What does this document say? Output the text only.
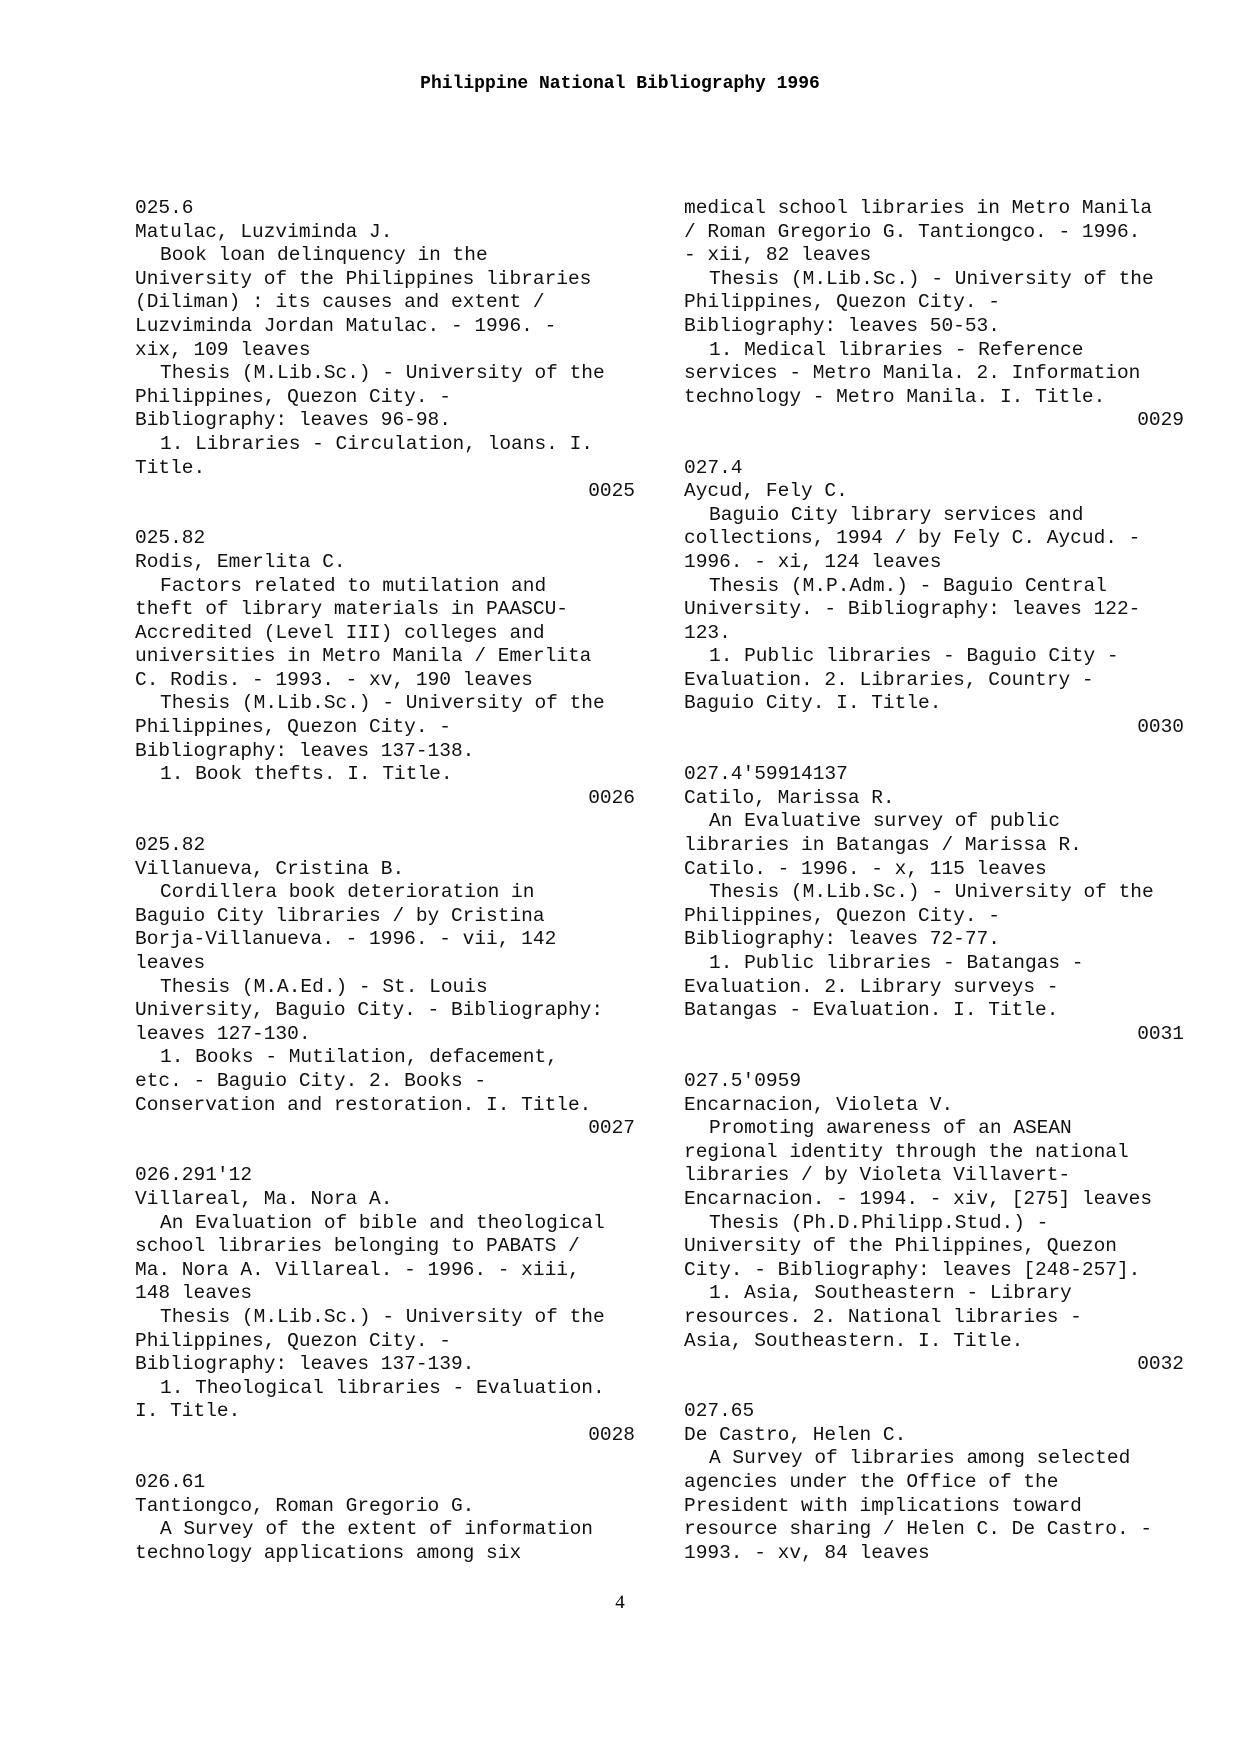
Philippine National Bibliography 1996

025.6

Matulac, Luzviminda J.

Book loan delinquency in the

University of the Philippines libraries

(Diliman) : its causes and extent /

Luzviminda Jordan Matulac. - 1996. -

xix, 109 leaves

Thesis (M.Lib.Sc.) - University of the

Philippines, Quezon City. -

Bibliography: leaves 96-98.

1. Libraries - Circulation, loans. I.

Title.

0025

025.82

Rodis, Emerlita C.

Factors related to mutilation and

theft of library materials in PAASCU-

Accredited (Level III) colleges and

universities in Metro Manila / Emerlita

C. Rodis. - 1993. - xv, 190 leaves

Thesis (M.Lib.Sc.) - University of the

Philippines, Quezon City. -

Bibliography: leaves 137-138.

1. Book thefts. I. Title.

0026

025.82

Villanueva, Cristina B.

Cordillera book deterioration in

Baguio City libraries / by Cristina

Borja-Villanueva. - 1996. - vii, 142

leaves

Thesis (M.A.Ed.) - St. Louis

University, Baguio City. - Bibliography:

leaves 127-130.

1. Books - Mutilation, defacement,

etc. - Baguio City. 2. Books -

Conservation and restoration. I. Title.

0027

026.291'12

Villareal, Ma. Nora A.

An Evaluation of bible and theological

school libraries belonging to PABATS /

Ma. Nora A. Villareal. - 1996. - xiii,

148 leaves

Thesis (M.Lib.Sc.) - University of the

Philippines, Quezon City. -

Bibliography: leaves 137-139.

1. Theological libraries - Evaluation.

I. Title.

0028

026.61

Tantiongco, Roman Gregorio G.

A Survey of the extent of information

technology applications among six

medical school libraries in Metro Manila

/ Roman Gregorio G. Tantiongco. - 1996.

- xii, 82 leaves

Thesis (M.Lib.Sc.) - University of the

Philippines, Quezon City. -

Bibliography: leaves 50-53.

1. Medical libraries - Reference

services - Metro Manila. 2. Information

technology - Metro Manila. I. Title.

0029

027.4

Aycud, Fely C.

Baguio City library services and

collections, 1994 / by Fely C. Aycud. -

1996. - xi, 124 leaves

Thesis (M.P.Adm.) - Baguio Central

University. - Bibliography: leaves 122-

123.

1. Public libraries - Baguio City -

Evaluation. 2. Libraries, Country -

Baguio City. I. Title.

0030

027.4'59914137

Catilo, Marissa R.

An Evaluative survey of public

libraries in Batangas / Marissa R.

Catilo. - 1996. - x, 115 leaves

Thesis (M.Lib.Sc.) - University of the

Philippines, Quezon City. -

Bibliography: leaves 72-77.

1. Public libraries - Batangas -

Evaluation. 2. Library surveys -

Batangas - Evaluation. I. Title.

0031

027.5'0959

Encarnacion, Violeta V.

Promoting awareness of an ASEAN

regional identity through the national

libraries / by Violeta Villavert-

Encarnacion. - 1994. - xiv, [275] leaves

Thesis (Ph.D.Philipp.Stud.) -

University of the Philippines, Quezon

City. - Bibliography: leaves [248-257].

1. Asia, Southeastern - Library

resources. 2. National libraries -

Asia, Southeastern. I. Title.

0032

027.65

De Castro, Helen C.

A Survey of libraries among selected

agencies under the Office of the

President with implications toward

resource sharing / Helen C. De Castro. -

1993. - xv, 84 leaves

4
